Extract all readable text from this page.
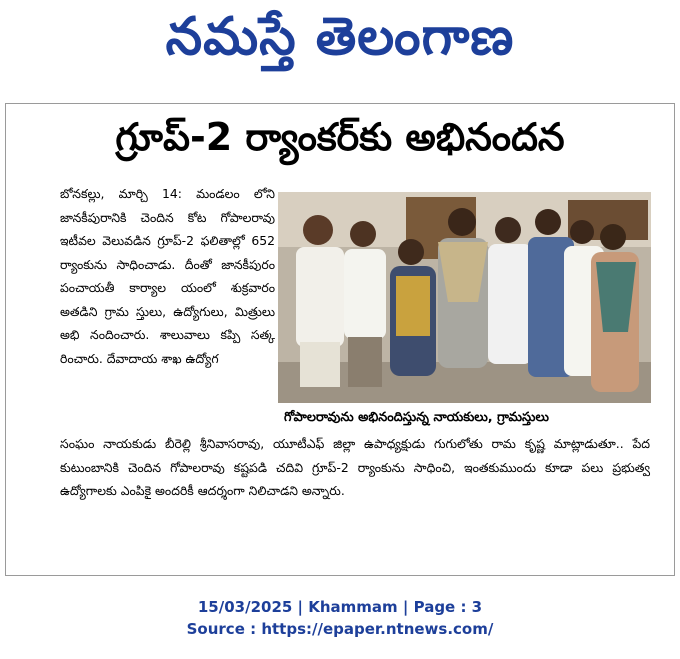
నమస్తే తెలంగాణ
గ్రూప్-2 ర్యాంకర్‌కు అభినందన

బోనకల్లు, మార్చి 14: మండలం లోని జానకీపురానికి చెందిన కోట గోపాలరావు ఇటీవల వెలువడిన గ్రూప్-2 ఫలితాల్లో 652 ర్యాంకును సాధించాడు. దీంతో జానకీపురం పంచాయతీ కార్యాల యంలో శుక్రవారం అతడిని గ్రామ స్తులు, ఉద్యోగులు, మిత్రులు అభి నందించారు. శాలువాలు కప్పి సత్క రించారు. దేవాదాయ శాఖ ఉద్యోగ

గోపాలరావును అభినందిస్తున్న నాయకులు, గ్రామస్తులు

సంఘం నాయకుడు బీరెల్లి శ్రీనివాసరావు, యూటీఎఫ్ జిల్లా ఉపాధ్యక్షుడు గుగులోతు రామ కృష్ణ మాట్లాడుతూ.. పేద కుటుంబానికి చెందిన గోపాలరావు కష్టపడి చదివి గ్రూప్-2 ర్యాంకును సాధించి, ఇంతకుముందు కూడా పలు ప్రభుత్వ ఉద్యోగాలకు ఎంపికై అందరికీ ఆదర్శంగా నిలిచాడని అన్నారు.

15/03/2025 | Khammam | Page : 3
Source : https://epaper.ntnews.com/
